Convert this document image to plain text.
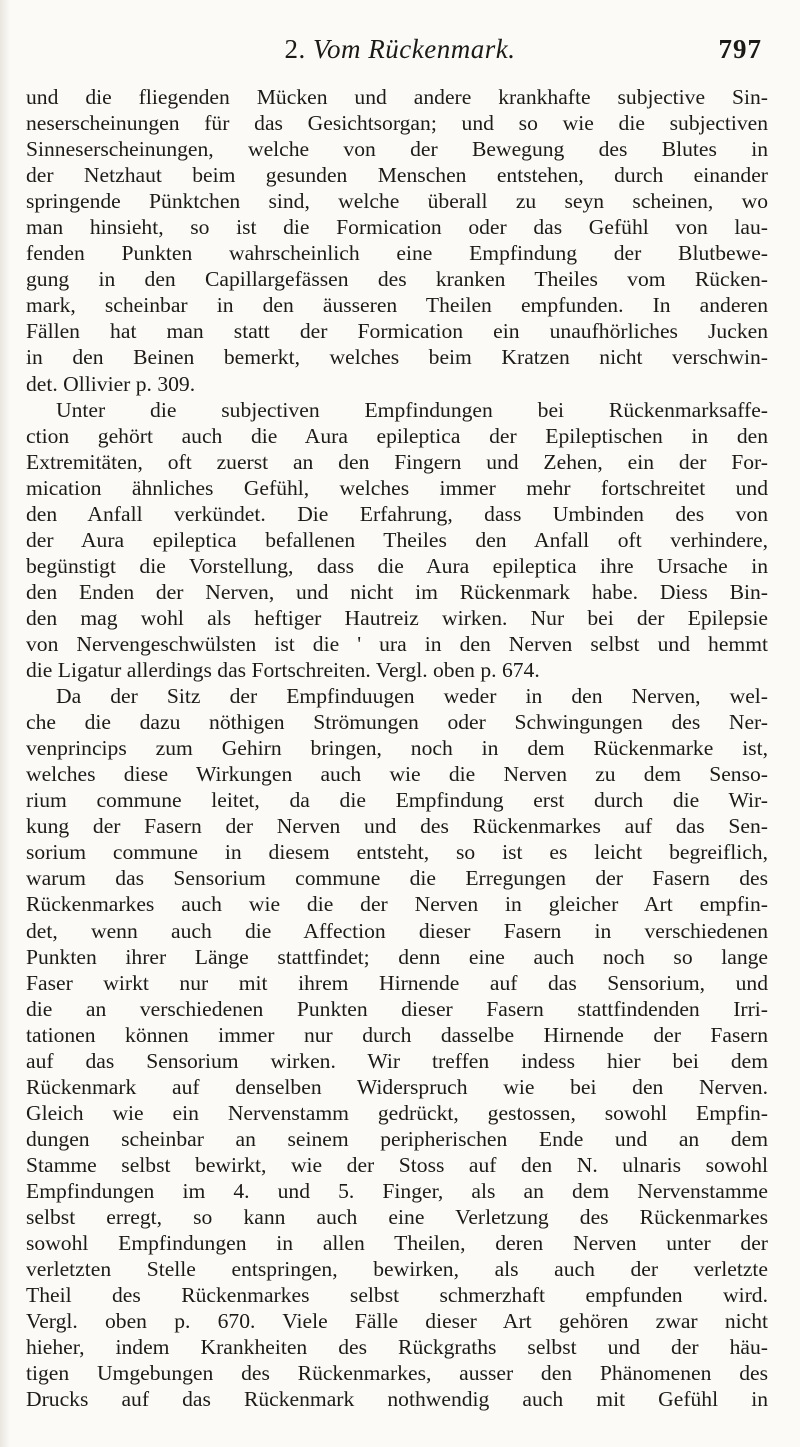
2. Vom Rückenmark.	797
und die fliegenden Mücken und andere krankhafte subjective Sin-
neserscheinungen für das Gesichtsorgan; und so wie die subjectiven
Sinneserscheinungen, welche von der Bewegung des Blutes in
der Netzhaut beim gesunden Menschen entstehen, durch einander
springende Pünktchen sind, welche überall zu seyn scheinen, wo
man hinsieht, so ist die Formication oder das Gefühl von lau-
fenden Punkten wahrscheinlich eine Empfindung der Blutbewe-
gung in den Capillargefässen des kranken Theiles vom Rücken-
mark, scheinbar in den äusseren Theilen empfunden. In anderen
Fällen hat man statt der Formication ein unaufhörliches Jucken
in den Beinen bemerkt, welches beim Kratzen nicht verschwin-
det. Ollivier p. 309.
Unter die subjectiven Empfindungen bei Rückenmarksaffe-
ction gehört auch die Aura epileptica der Epileptischen in den
Extremitäten, oft zuerst an den Fingern und Zehen, ein der For-
mication ähnliches Gefühl, welches immer mehr fortschreitet und
den Anfall verkündet. Die Erfahrung, dass Umbinden des von
der Aura epileptica befallenen Theiles den Anfall oft verhindere,
begünstigt die Vorstellung, dass die Aura epileptica ihre Ursache in
den Enden der Nerven, und nicht im Rückenmark habe. Diess Bin-
den mag wohl als heftiger Hautreiz wirken. Nur bei der Epilepsie
von Nervengeschwülsten ist die ' ura in den Nerven selbst und hemmt
die Ligatur allerdings das Fortschreiten. Vergl. oben p. 674.
Da der Sitz der Empfinduugen weder in den Nerven, wel-
che die dazu nöthigen Strömungen oder Schwingungen des Ner-
venprincips zum Gehirn bringen, noch in dem Rückenmarke ist,
welches diese Wirkungen auch wie die Nerven zu dem Senso-
rium commune leitet, da die Empfindung erst durch die Wir-
kung der Fasern der Nerven und des Rückenmarkes auf das Sen-
sorium commune in diesem entsteht, so ist es leicht begreiflich,
warum das Sensorium commune die Erregungen der Fasern des
Rückenmarkes auch wie die der Nerven in gleicher Art empfin-
det, wenn auch die Affection dieser Fasern in verschiedenen
Punkten ihrer Länge stattfindet; denn eine auch noch so lange
Faser wirkt nur mit ihrem Hirnende auf das Sensorium, und
die an verschiedenen Punkten dieser Fasern stattfindenden Irri-
tationen können immer nur durch dasselbe Hirnende der Fasern
auf das Sensorium wirken. Wir treffen indess hier bei dem
Rückenmark auf denselben Widerspruch wie bei den Nerven.
Gleich wie ein Nervenstamm gedrückt, gestossen, sowohl Empfin-
dungen scheinbar an seinem peripherischen Ende und an dem
Stamme selbst bewirkt, wie der Stoss auf den N. ulnaris sowohl
Empfindungen im 4. und 5. Finger, als an dem Nervenstamme
selbst erregt, so kann auch eine Verletzung des Rückenmarkes
sowohl Empfindungen in allen Theilen, deren Nerven unter der
verletzten Stelle entspringen, bewirken, als auch der verletzte
Theil des Rückenmarkes selbst schmerzhaft empfunden wird.
Vergl. oben p. 670. Viele Fälle dieser Art gehören zwar nicht
hieher, indem Krankheiten des Rückgraths selbst und der häu-
tigen Umgebungen des Rückenmarkes, ausser den Phänomenen des
Drucks auf das Rückenmark nothwendig auch mit Gefühl in
